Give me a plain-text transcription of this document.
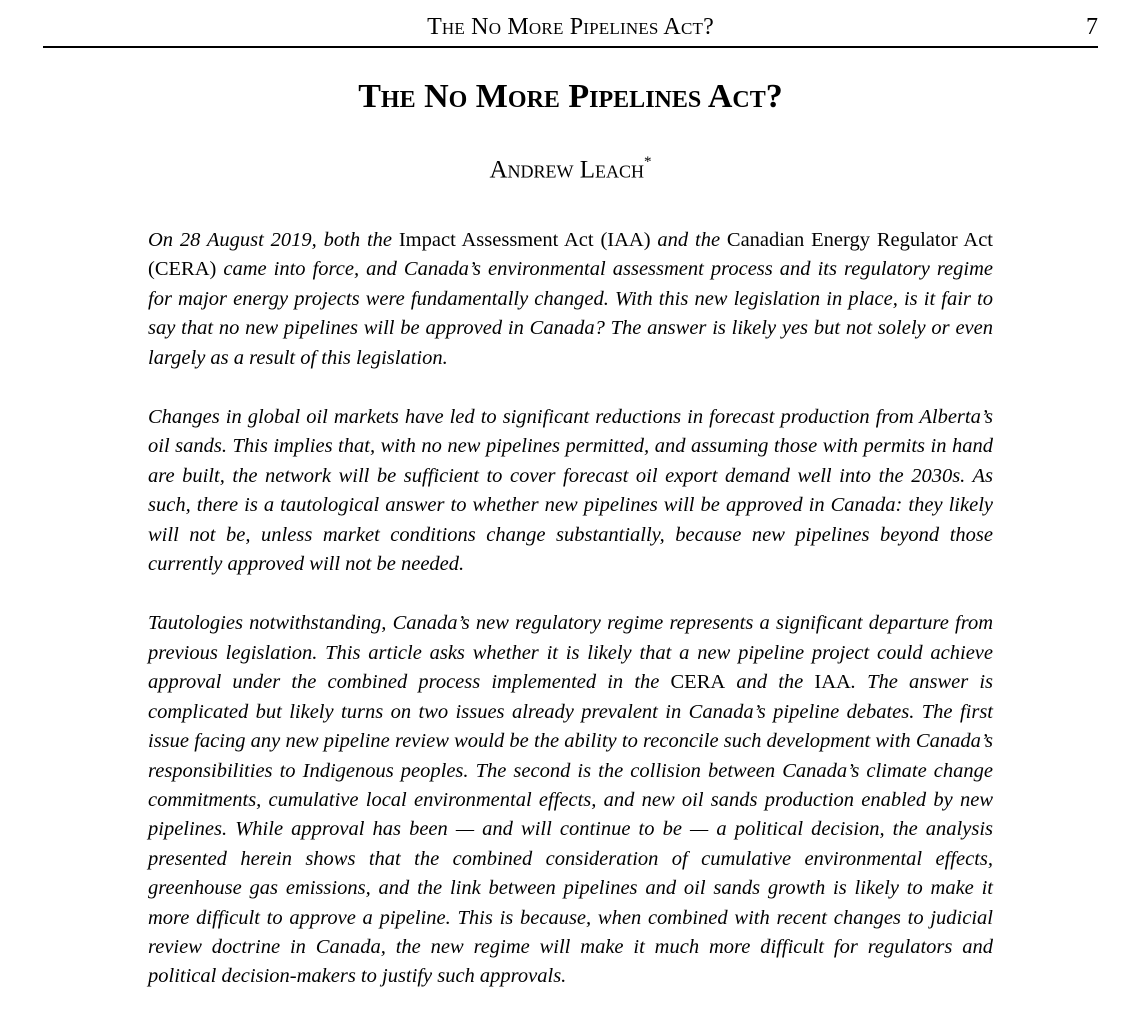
The No More Pipelines Act?	7
The No More Pipelines Act?
Andrew Leach*

On 28 August 2019, both the Impact Assessment Act (IAA) and the Canadian Energy Regulator Act (CERA) came into force, and Canada’s environmental assessment process and its regulatory regime for major energy projects were fundamentally changed. With this new legislation in place, is it fair to say that no new pipelines will be approved in Canada? The answer is likely yes but not solely or even largely as a result of this legislation.

Changes in global oil markets have led to significant reductions in forecast production from Alberta’s oil sands. This implies that, with no new pipelines permitted, and assuming those with permits in hand are built, the network will be sufficient to cover forecast oil export demand well into the 2030s. As such, there is a tautological answer to whether new pipelines will be approved in Canada: they likely will not be, unless market conditions change substantially, because new pipelines beyond those currently approved will not be needed.

Tautologies notwithstanding, Canada’s new regulatory regime represents a significant departure from previous legislation. This article asks whether it is likely that a new pipeline project could achieve approval under the combined process implemented in the CERA and the IAA. The answer is complicated but likely turns on two issues already prevalent in Canada’s pipeline debates. The first issue facing any new pipeline review would be the ability to reconcile such development with Canada’s responsibilities to Indigenous peoples. The second is the collision between Canada’s climate change commitments, cumulative local environmental effects, and new oil sands production enabled by new pipelines. While approval has been — and will continue to be — a political decision, the analysis presented herein shows that the combined consideration of cumulative environmental effects, greenhouse gas emissions, and the link between pipelines and oil sands growth is likely to make it more difficult to approve a pipeline. This is because, when combined with recent changes to judicial review doctrine in Canada, the new regime will make it much more difficult for regulators and political decision-makers to justify such approvals.
